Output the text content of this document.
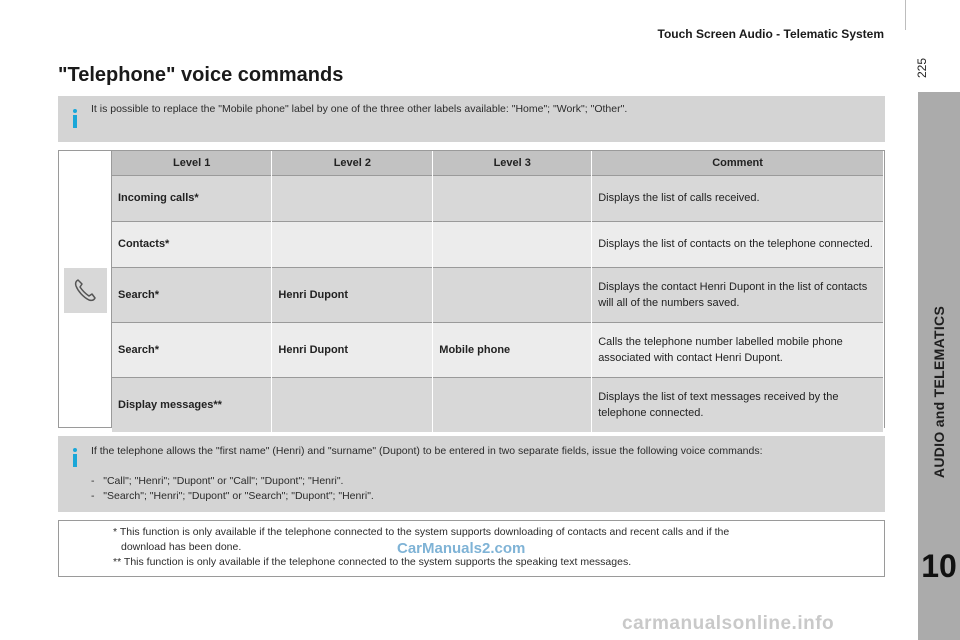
Touch Screen Audio - Telematic System
225
AUDIO and TELEMATICS
10
"Telephone" voice commands
It is possible to replace the "Mobile phone" label by one of the three other labels available: "Home"; "Work"; "Other".
Level 1	Level 2	Level 3	Comment
Incoming calls*			Displays the list of calls received.
Contacts*			Displays the list of contacts on the telephone connected.
Search*	Henri Dupont		Displays the contact Henri Dupont in the list of contacts will all of the numbers saved.
Search*	Henri Dupont	Mobile phone	Calls the telephone number labelled mobile phone associated with contact Henri Dupont.
Display messages**			Displays the list of text messages received by the telephone connected.
If the telephone allows the "first name" (Henri) and "surname" (Dupont) to be entered in two separate fields, issue the following voice commands:
-   "Call"; "Henri"; "Dupont" or "Call"; "Dupont"; "Henri".
-   "Search"; "Henri"; "Dupont" or "Search"; "Dupont"; "Henri".
* This function is only available if the telephone connected to the system supports downloading of contacts and recent calls and if the
download has been done.
** This function is only available if the telephone connected to the system supports the speaking text messages.
CarManuals2.com
carmanualsonline.info
